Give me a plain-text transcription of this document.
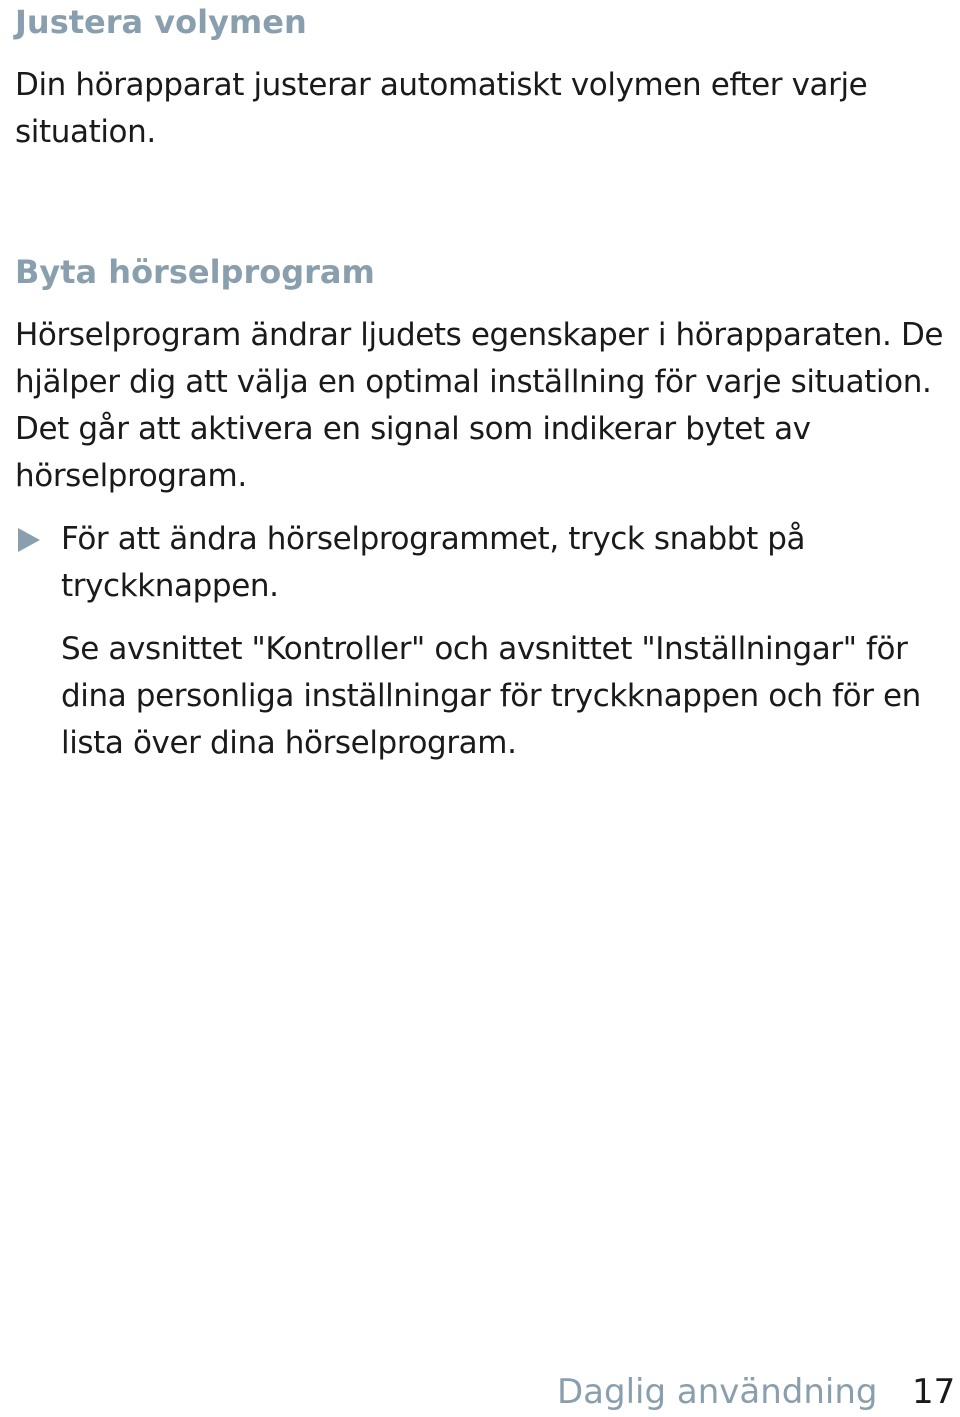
Justera volymen

Din hörapparat justerar automatiskt volymen efter varje situation.

Byta hörselprogram

Hörselprogram ändrar ljudets egenskaper i hörapparaten. De hjälper dig att välja en optimal inställning för varje situation. Det går att aktivera en signal som indikerar bytet av hörselprogram.

För att ändra hörselprogrammet, tryck snabbt på tryckknappen.

Se avsnittet "Kontroller" och avsnittet "Inställningar" för dina personliga inställningar för tryckknappen och för en lista över dina hörselprogram.

Daglig användning 17
